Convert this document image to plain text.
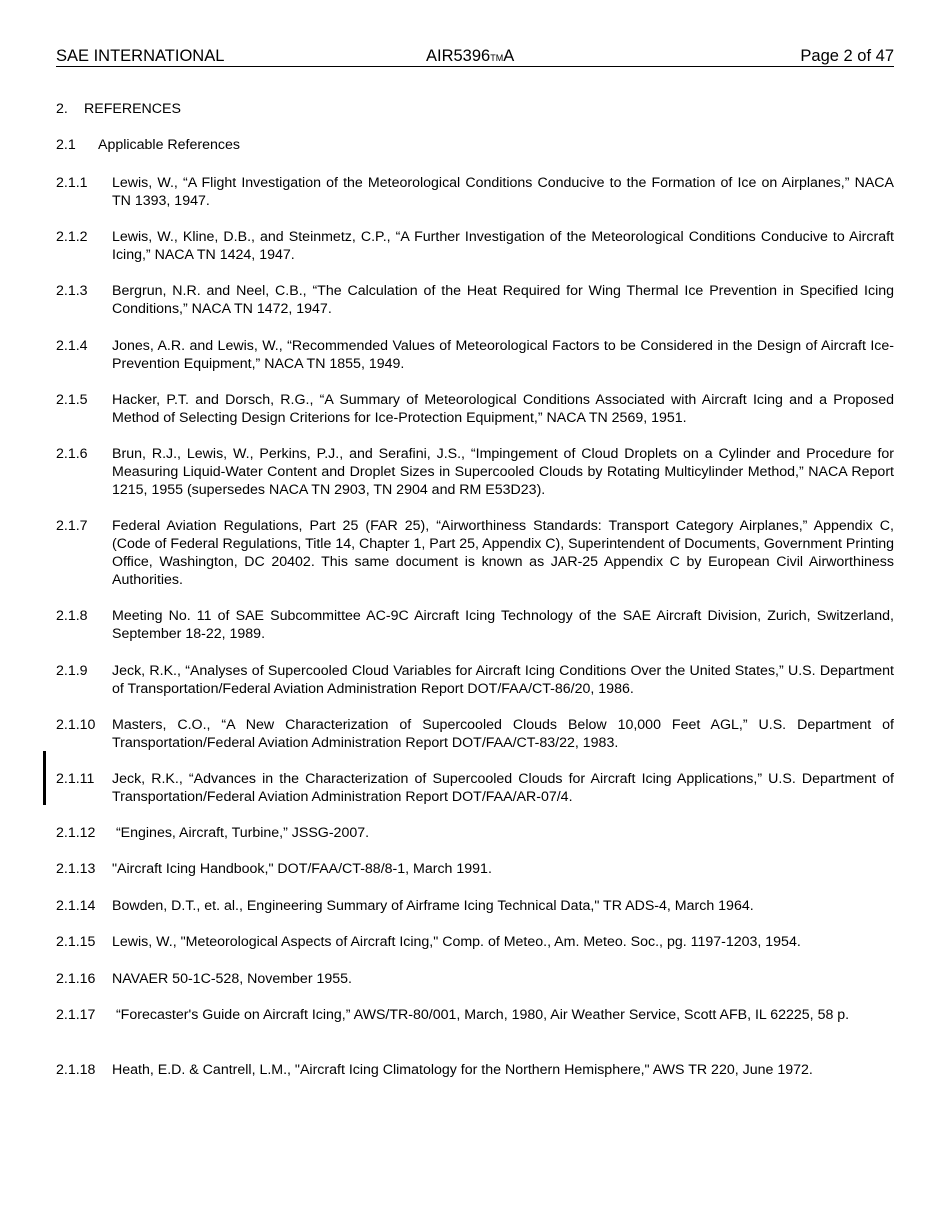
SAE INTERNATIONAL	AIR5396TMA	Page 2 of 47
2. REFERENCES
2.1 Applicable References
2.1.1 Lewis, W., “A Flight Investigation of the Meteorological Conditions Conducive to the Formation of Ice on Airplanes,” NACA TN 1393, 1947.
2.1.2 Lewis, W., Kline, D.B., and Steinmetz, C.P., “A Further Investigation of the Meteorological Conditions Conducive to Aircraft Icing,” NACA TN 1424, 1947.
2.1.3 Bergrun, N.R. and Neel, C.B., “The Calculation of the Heat Required for Wing Thermal Ice Prevention in Specified Icing Conditions,” NACA TN 1472, 1947.
2.1.4 Jones, A.R. and Lewis, W., “Recommended Values of Meteorological Factors to be Considered in the Design of Aircraft Ice-Prevention Equipment,” NACA TN 1855, 1949.
2.1.5 Hacker, P.T. and Dorsch, R.G., “A Summary of Meteorological Conditions Associated with Aircraft Icing and a Proposed Method of Selecting Design Criterions for Ice-Protection Equipment,” NACA TN 2569, 1951.
2.1.6 Brun, R.J., Lewis, W., Perkins, P.J., and Serafini, J.S., “Impingement of Cloud Droplets on a Cylinder and Procedure for Measuring Liquid-Water Content and Droplet Sizes in Supercooled Clouds by Rotating Multicylinder Method,” NACA Report 1215, 1955 (supersedes NACA TN 2903, TN 2904 and RM E53D23).
2.1.7 Federal Aviation Regulations, Part 25 (FAR 25), “Airworthiness Standards: Transport Category Airplanes,” Appendix C, (Code of Federal Regulations, Title 14, Chapter 1, Part 25, Appendix C), Superintendent of Documents, Government Printing Office, Washington, DC 20402. This same document is known as JAR-25 Appendix C by European Civil Airworthiness Authorities.
2.1.8 Meeting No. 11 of SAE Subcommittee AC-9C Aircraft Icing Technology of the SAE Aircraft Division, Zurich, Switzerland, September 18-22, 1989.
2.1.9 Jeck, R.K., “Analyses of Supercooled Cloud Variables for Aircraft Icing Conditions Over the United States,” U.S. Department of Transportation/Federal Aviation Administration Report DOT/FAA/CT-86/20, 1986.
2.1.10 Masters, C.O., “A New Characterization of Supercooled Clouds Below 10,000 Feet AGL,” U.S. Department of Transportation/Federal Aviation Administration Report DOT/FAA/CT-83/22, 1983.
2.1.11 Jeck, R.K., “Advances in the Characterization of Supercooled Clouds for Aircraft Icing Applications,” U.S. Department of Transportation/Federal Aviation Administration Report DOT/FAA/AR-07/4.
2.1.12 “Engines, Aircraft, Turbine,” JSSG-2007.
2.1.13 "Aircraft Icing Handbook," DOT/FAA/CT-88/8-1, March 1991.
2.1.14 Bowden, D.T., et. al., Engineering Summary of Airframe Icing Technical Data," TR ADS-4, March 1964.
2.1.15 Lewis, W., "Meteorological Aspects of Aircraft Icing," Comp. of Meteo., Am. Meteo. Soc., pg. 1197-1203, 1954.
2.1.16 NAVAER 50-1C-528, November 1955.
2.1.17 “Forecaster's Guide on Aircraft Icing,” AWS/TR-80/001, March, 1980, Air Weather Service, Scott AFB, IL 62225, 58 p.
2.1.18 Heath, E.D. & Cantrell, L.M., "Aircraft Icing Climatology for the Northern Hemisphere," AWS TR 220, June 1972.
